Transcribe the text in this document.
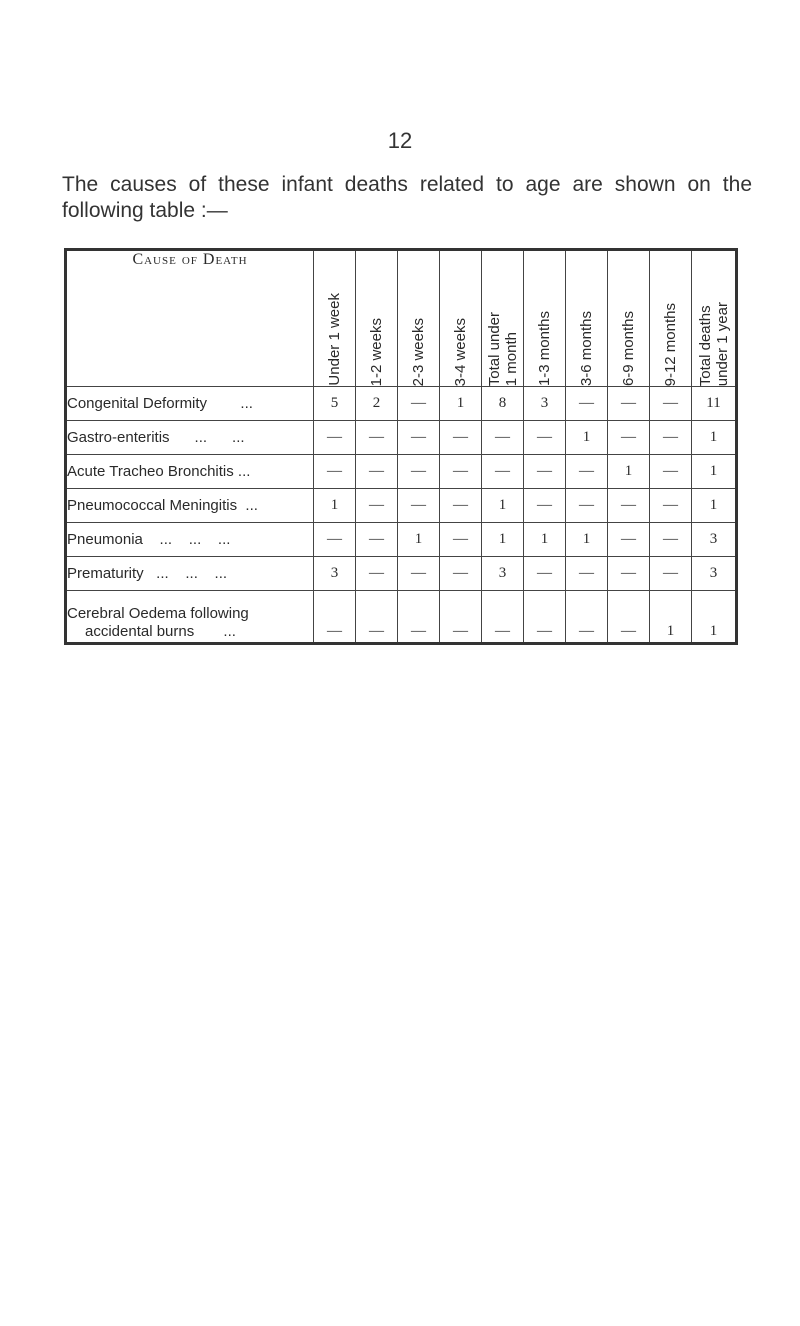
12
The causes of these infant deaths related to age are shown on the following table :—
Cause of Death	Under 1 week	1-2 weeks	2-3 weeks	3-4 weeks	Total under
1 month	1-3 months	3-6 months	6-9 months	9-12 months	Total deaths
under 1 year

Congenital Deformity        ...	5	2	—	1	8	3	—	—	—	11
Gastro-enteritis      ...      ...	—	—	—	—	—	—	1	—	—	1
Acute Tracheo Bronchitis ...	—	—	—	—	—	—	—	1	—	1
Pneumococcal Meningitis  ...	1	—	—	—	1	—	—	—	—	1
Pneumonia    ...    ...    ...	—	—	1	—	1	1	1	—	—	3
Prematurity   ...    ...    ...	3	—	—	—	3	—	—	—	—	3

Cerebral Oedema following
accidental burns       ...	—	—	—	—	—	—	—	—	1	1
